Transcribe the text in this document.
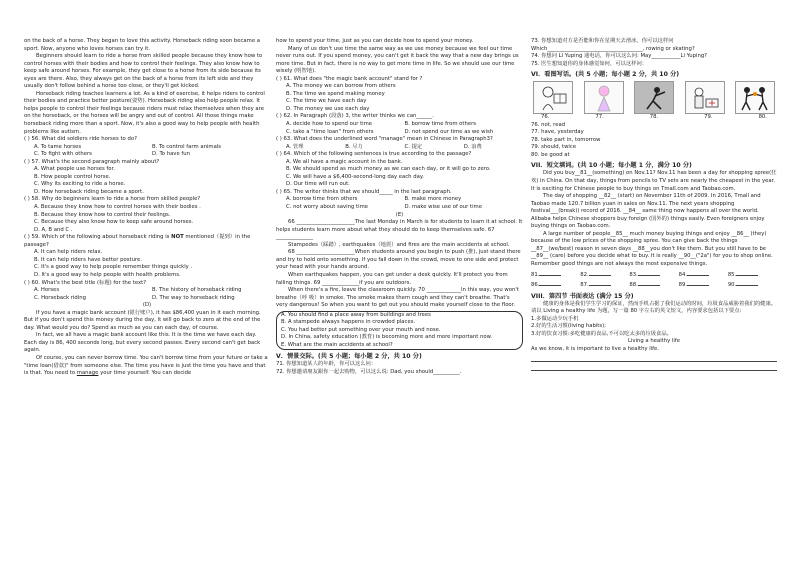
on the back of a horse. They began to love this activity. Horseback riding soon became a sport. Now, anyone who loves horses can try it.

Beginners should learn to ride a horse from skilled people because they know how to control horses with their bodies and how to control their feelings. They also know how to keep safe around horses. For example, they get close to a horse from its side because its eyes are there. Also, they always get on the back of a horse from its left side and they usually don't follow behind a horse too close, or they'll get kicked.

Horseback riding teaches learners a lot. As a kind of exercise, it helps riders to control their bodies and practice better posture(姿势). Horseback riding also help people relax. It helps people to control their feelings because riders must relax themselves when they are on the horseback, or the horses will be angry and out of control. All those things make horseback riding more than a sport. Now, it's also a good way to help people with health problems like autism.

( ) 56. What did soldiers ride horses to do?

A. To tame horses	B. To control farm animals
C. To fight with others	D. To have fun

( ) 57. What's the second paragraph mainly about?

A. What people use horses for.

B. How people control horse.

C. Why its exciting to ride a horse.

D. How horseback riding became a sport.

( ) 58. Why do beginners learn to ride a horse from skilled people?

A. Because they know how to control horses with their bodies .

B. Because they know how to control their feelings.

C. Because they also know how to keep safe around horses.

D. A, B and C .

( ) 59. Which of the following about horseback riding is NOT mentioned（提到）in the passage?

A. It can help riders relax.

B. It can help riders have better posture.

C. It's a good way to help people remember things quickly .

D. It's a good way to help people with health problems.

( ) 60. What's the best title (标题) for the text?

A. Horses	B. The history of horseback riding
C. Horseback riding	D. The way to horseback riding

(D)

If you have a magic bank account (银行账户), it has $86,400 yuan in it each morning. But if you don't spend this money during the day, it will go back to zero at the end of the day. What would you do? Spend as much as you can each day, of course.

In fact, we all have a magic bank account like this. It is the time we have each day. Each day is 86, 400 seconds long, but every second passes. Every second can't get back again.

Of course, you can never borrow time. You can't borrow time from your future or take a "time loan(借款)" from someone else. The time you have is just the time you have and that is that. You need to manage your time yourself. You can decide

how to spend your time, just as you can decide how to spend your money.

Many of us don't use time the same way as we use money because we feel our time never runs out. If you spend money, you can't get it back the way that a new day brings us more time. But in fact, there is no way to get more time in life. So we should use our time wisely (明智地).

( ) 61. What does "the magic bank account" stand for ?

A. The money we can borrow from others

B. The time we spend making money

C. The time we have each day

D. The money we use each day

( ) 62. In Paragraph (段落) 3, the writer thinks we can______.

A. decide how to spend our time	B. borrow time from others
C. take a "time loan" from others	D. not spend our time as we wish

( ) 63. What does the underlined word "manage" mean in Chinese in Paragraph3?

A. 管理	B. 尽力	C. 提定	D. 浪费

( ) 64. Which of the following sentences is true according to the passage?

A. We all have a magic account in the bank.

B. We should spend as much money as we can each day, or it will go to zero.

C. We will have a $6,400-second-long day each day.

D. Our time will run out.

( ) 65. The writer thinks that we should_____ in the last paragraph.

A. borrow time from others	B. make more money
C. not worry about saving time	D. make wise use of our time

(E)

66 ______________________The last Monday in March is for students to learn it at school. It helps students learn more about what they should do to keep themselves safe. 67 ______________

Stampedes（踩踏）, earthquakes（地震）and fires are the main accidents at school.

68 ______________________When students around you begin to push (推), just stand there and try to hold onto something. If you fall down in the crowd, move to one side and protect your head with your hands around.

When earthquakes happen, you can get under a desk quickly. It'll protect you from falling things. 69 ______________if you are outdoors.

When there's a fire, leave the classroom quickly. 70 _____________In this way, you won't breathe（呼 吸）in smoke. The smoke makes them cough and they can't breathe. That's very dangerous! So when you want to get out you should make yourself close to the floor.

A. You should find a place away from buildings and trees

B. A stampede always happens in crowded places.

C. You had better put something over your mouth and nose.

D. In China, safety education (教育) is becoming more and more important now.

E. What are the main accidents at school?

V．情景交际。(共 5 小题；每小题 2 分，共 10 分)

71. 你想知道某人的年龄，你可以这么问：

72. 你想邀请朋友跟你一起去购物，可以这么说: Dad, you should__________.

73. 你想知道对方是否能和你在星期天去滑冰，你可以这样问

Which____________________________________, rowing or skating?

74. 你想问 Li Yuping 通电话，你可以这么问: May___________Li Yuping?

75. 医生想知道你的身体感觉如何，可以这样问：

VI．看图写话。(共 5 小题；每小题 2 分，共 10 分)

76.	77.	78.	79.	80.

76. not, read

77. have, yesterday

78. take part in, tomorrow

79. should, twice

80. be good at

VII．短文填词。(共 10 小题；每小题 1 分，满分 10 分)

Did you buy__81__(something) on Nov.11? Nov.11 has been a day for shopping spree(狂 欢) in China. On that day, things from pencils to TV sets are nearly the cheapest in the year. It is exciting for Chinese people to buy things on Tmall.com and Taobao.com.

The day of shopping __82__ (start) on November 11th of 2009. In 2016, Tmall and Taobao made 120.7 billion yuan in sales on Nov.11. The next years shopping festival___(break)) record of 2016. __84__ same thing now happens all over the world. Alibaba helps Chinese shoppers buy foreign (国外的) things easily. Even foreigners enjoy buying things on Taobao.com.

A large number of people__85__ much money buying things and enjoy __86__ (they) because of the low prices of the shopping spree. You can give back the things __87__(we/best) reason in seven days __88__you don't like them. But you still have to be __89__ (care) before you decide what to buy. It is really __90__("2a") for you to shop online. Remember good things are not always the most expensive things.

81.	82.	83.	84.	85.
86.	87.	88.	89.	90.

VIII．第四节 书面表达 (满分 15 分)

健康的身体是我们学生学习的保证，然而手机占据了我们运动的时间，垃圾食品威胁着我们的健康。请以 Living a healthy life 为题，写一篇 80 字左右的英文短文，内容要求包括以下要点:

1.多做运动少玩手机

2.好的生活习惯(living habits);

3.好的饮食习惯:多吃健康的食品,不可以吃太多的垃圾食品。

Living a healthy life

As we know, it is important to live a healthy life.
